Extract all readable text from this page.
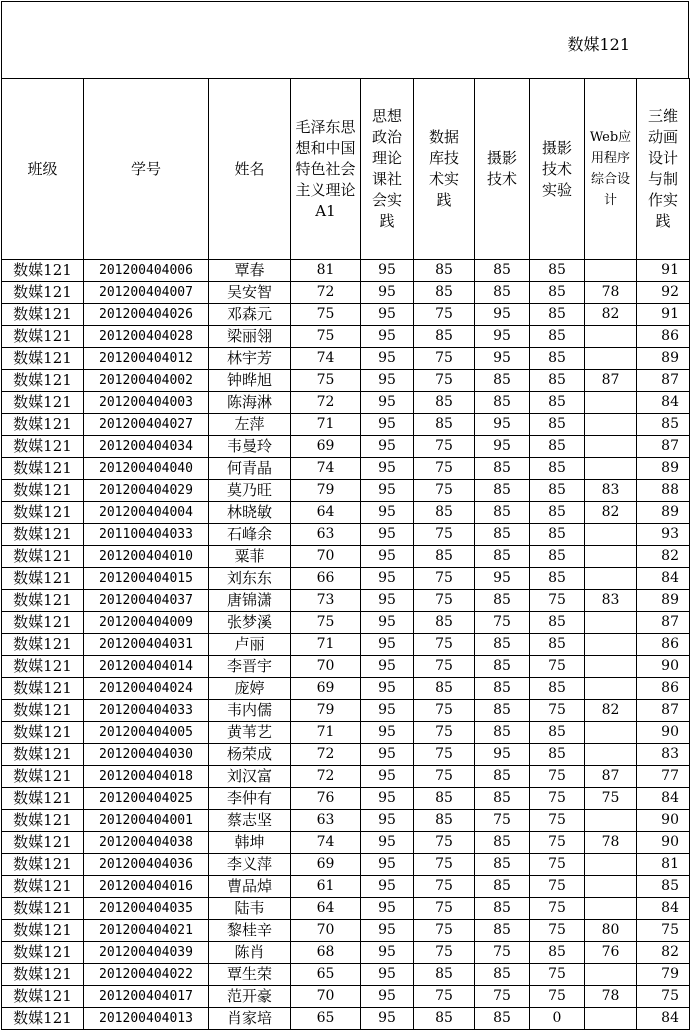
数媒121
班级	学号	姓名	毛泽东思想和中国特色社会主义理论A1	思想政治理论课社会实践	数据库技术实践	摄影技术	摄影技术实验	Web应用程序综合设计	三维动画设计与制作实践
数媒121	201200404006	覃春	81	95	85	85	85		91
数媒121	201200404007	吴安智	72	95	85	85	85	78	92
数媒121	201200404026	邓森元	75	95	75	95	85	82	91
数媒121	201200404028	梁丽翎	75	95	85	95	85		86
数媒121	201200404012	林宇芳	74	95	75	95	85		89
数媒121	201200404002	钟晔旭	75	95	75	85	85	87	87
数媒121	201200404003	陈海淋	72	95	85	85	85		84
数媒121	201200404027	左萍	71	95	85	95	85		85
数媒121	201200404034	韦曼玲	69	95	75	95	85		87
数媒121	201200404040	何青晶	74	95	75	85	85		89
数媒121	201200404029	莫乃旺	79	95	75	85	85	83	88
数媒121	201200404004	林晓敏	64	95	85	85	85	82	89
数媒121	201100404033	石峰余	63	95	75	85	85		93
数媒121	201200404010	粟菲	70	95	85	85	85		82
数媒121	201200404015	刘东东	66	95	75	95	85		84
数媒121	201200404037	唐锦潇	73	95	75	85	75	83	89
数媒121	201200404009	张梦溪	75	95	85	75	85		87
数媒121	201200404031	卢丽	71	95	75	85	85		86
数媒121	201200404014	李晋宇	70	95	75	85	75		90
数媒121	201200404024	庞婷	69	95	85	85	85		86
数媒121	201200404033	韦内儒	79	95	75	85	75	82	87
数媒121	201200404005	黄苇艺	71	95	75	85	85		90
数媒121	201200404030	杨荣成	72	95	75	95	85		83
数媒121	201200404018	刘汉富	72	95	75	85	75	87	77
数媒121	201200404025	李仲有	76	95	85	85	75	75	84
数媒121	201200404001	蔡志坚	63	95	85	75	75		90
数媒121	201200404038	韩坤	74	95	75	85	75	78	90
数媒121	201200404036	李义萍	69	95	75	85	75		81
数媒121	201200404016	曹品焯	61	95	75	85	75		85
数媒121	201200404035	陆韦	64	95	75	85	75		84
数媒121	201200404021	黎桂辛	70	95	75	85	75	80	75
数媒121	201200404039	陈肖	68	95	75	75	85	76	82
数媒121	201200404022	覃生荣	65	95	85	85	75		79
数媒121	201200404017	范开豪	70	95	75	75	75	78	75
数媒121	201200404013	肖家培	65	95	85	85	0		84
